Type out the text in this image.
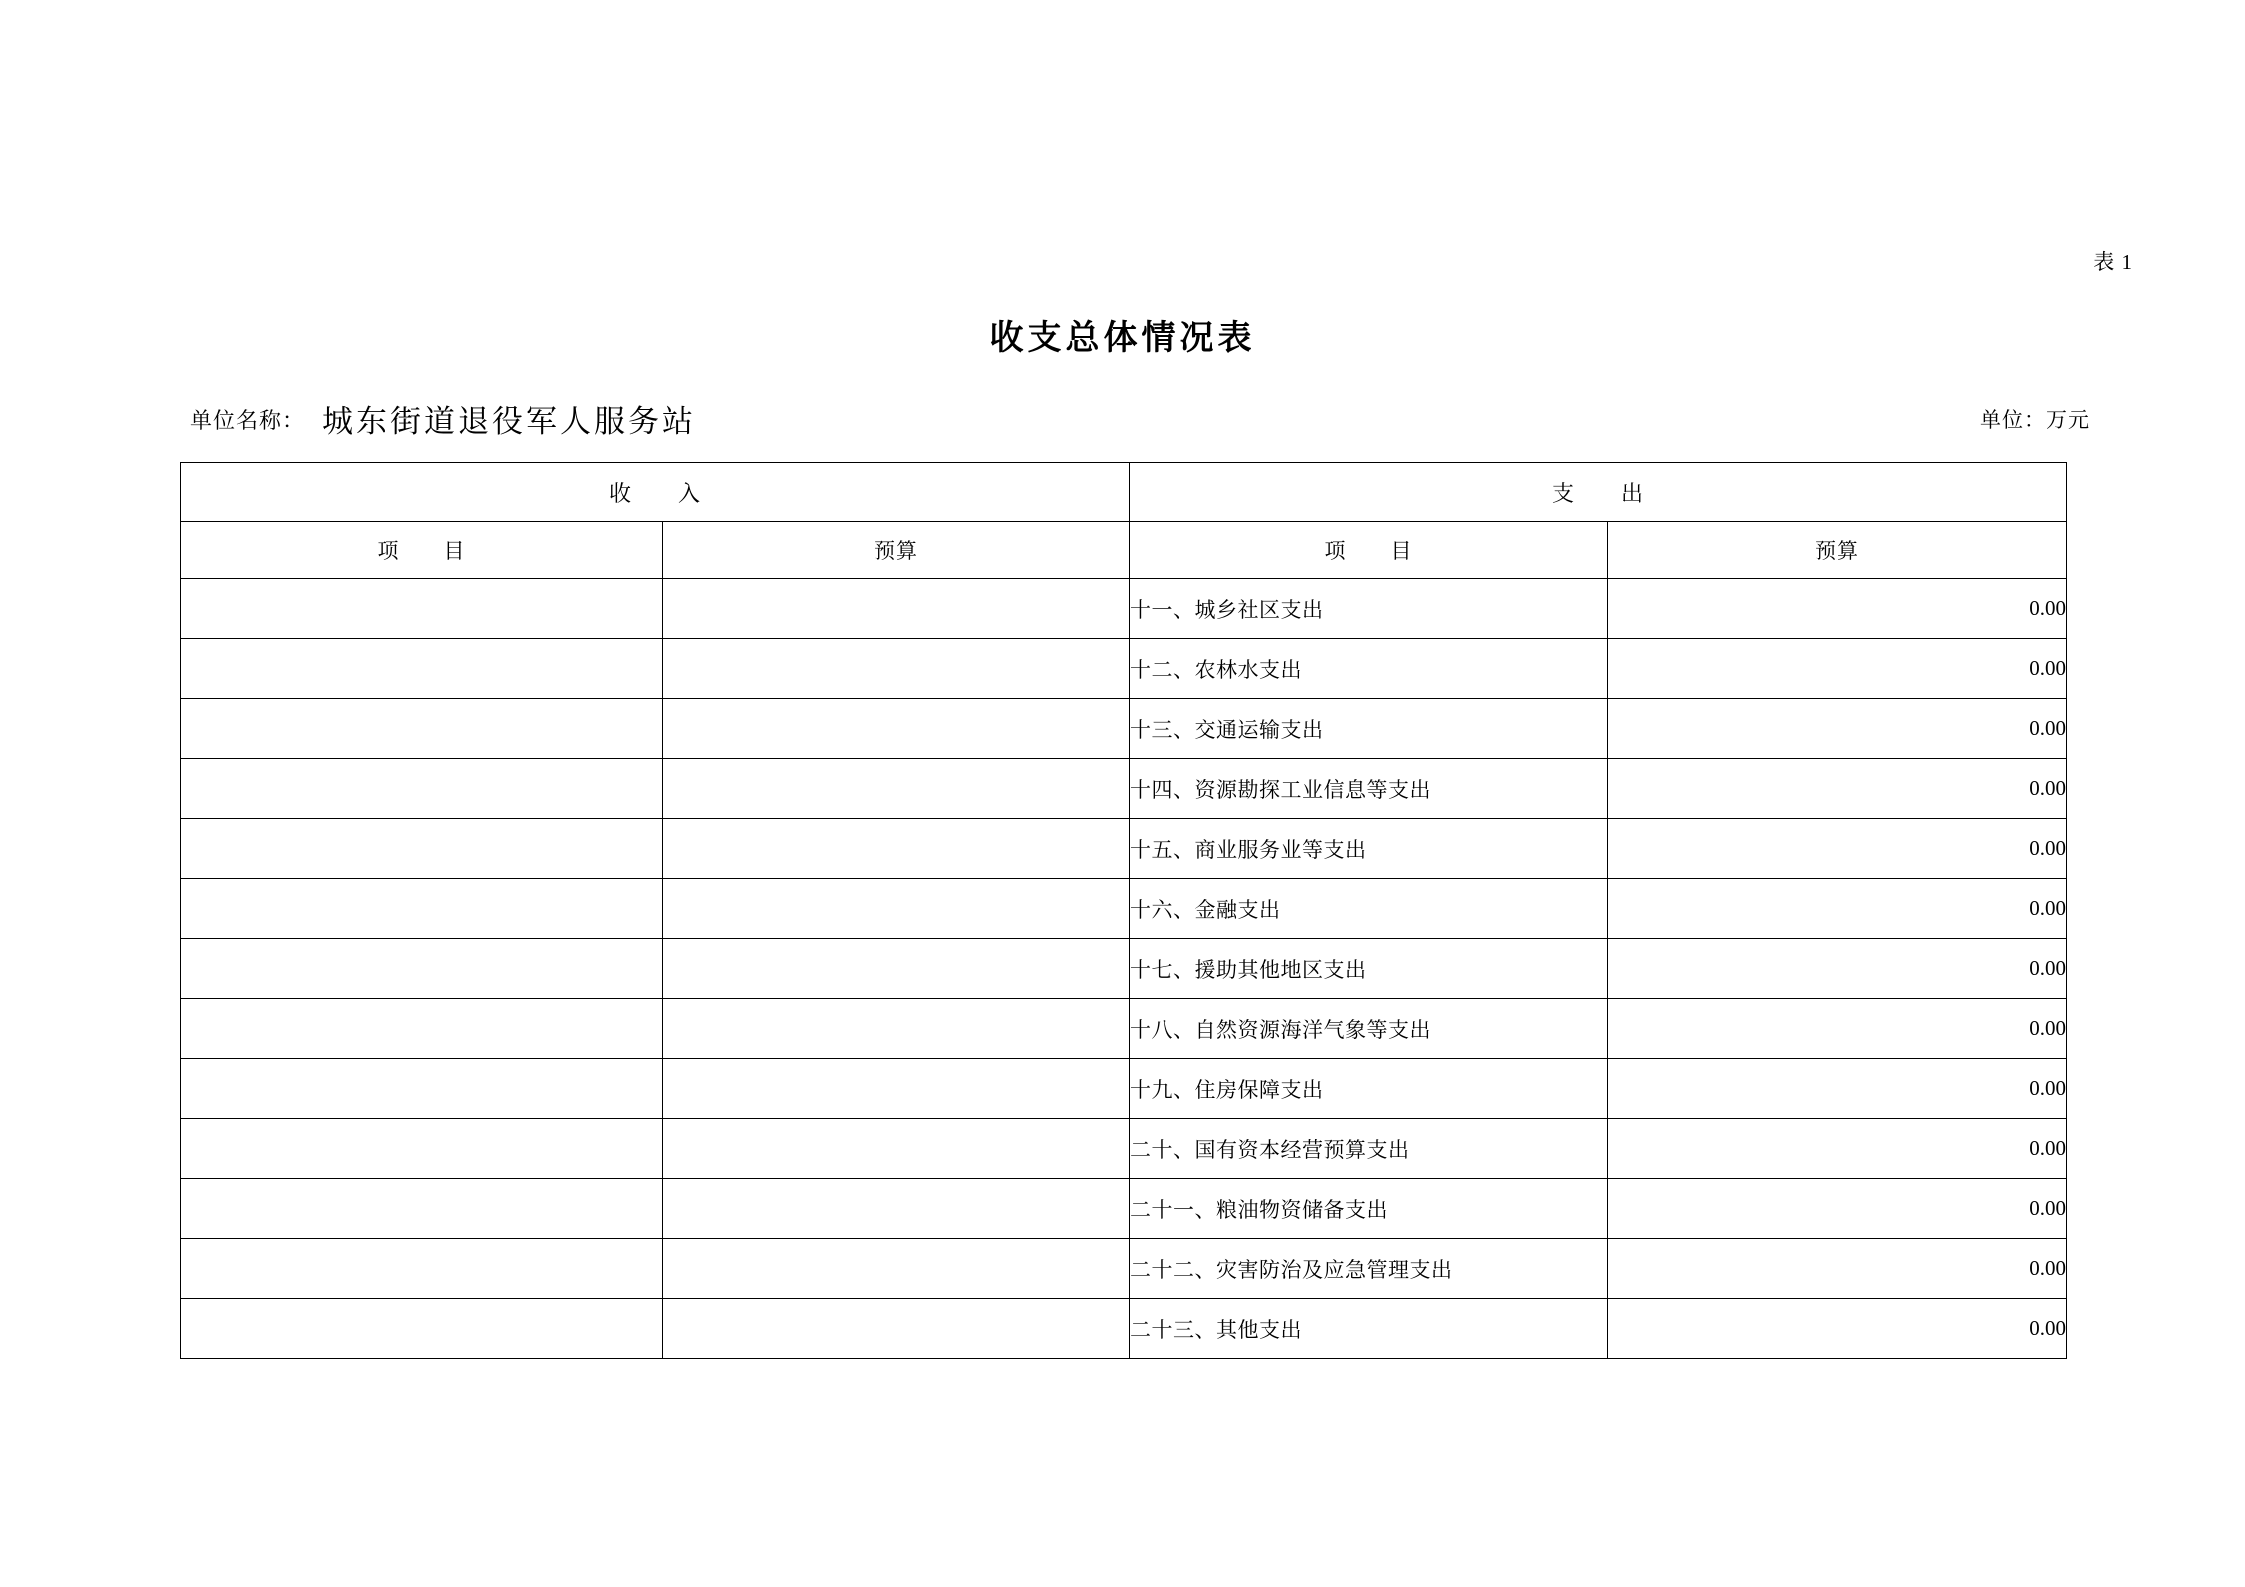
表 1
收支总体情况表
单位名称： 城东街道退役军人服务站	单位：万元
收　　入		支　　出	
项　　目	预算	项　　目	预算
		十一、城乡社区支出	0.00
		十二、农林水支出	0.00
		十三、交通运输支出	0.00
		十四、资源勘探工业信息等支出	0.00
		十五、商业服务业等支出	0.00
		十六、金融支出	0.00
		十七、援助其他地区支出	0.00
		十八、自然资源海洋气象等支出	0.00
		十九、住房保障支出	0.00
		二十、国有资本经营预算支出	0.00
		二十一、粮油物资储备支出	0.00
		二十二、灾害防治及应急管理支出	0.00
		二十三、其他支出	0.00
